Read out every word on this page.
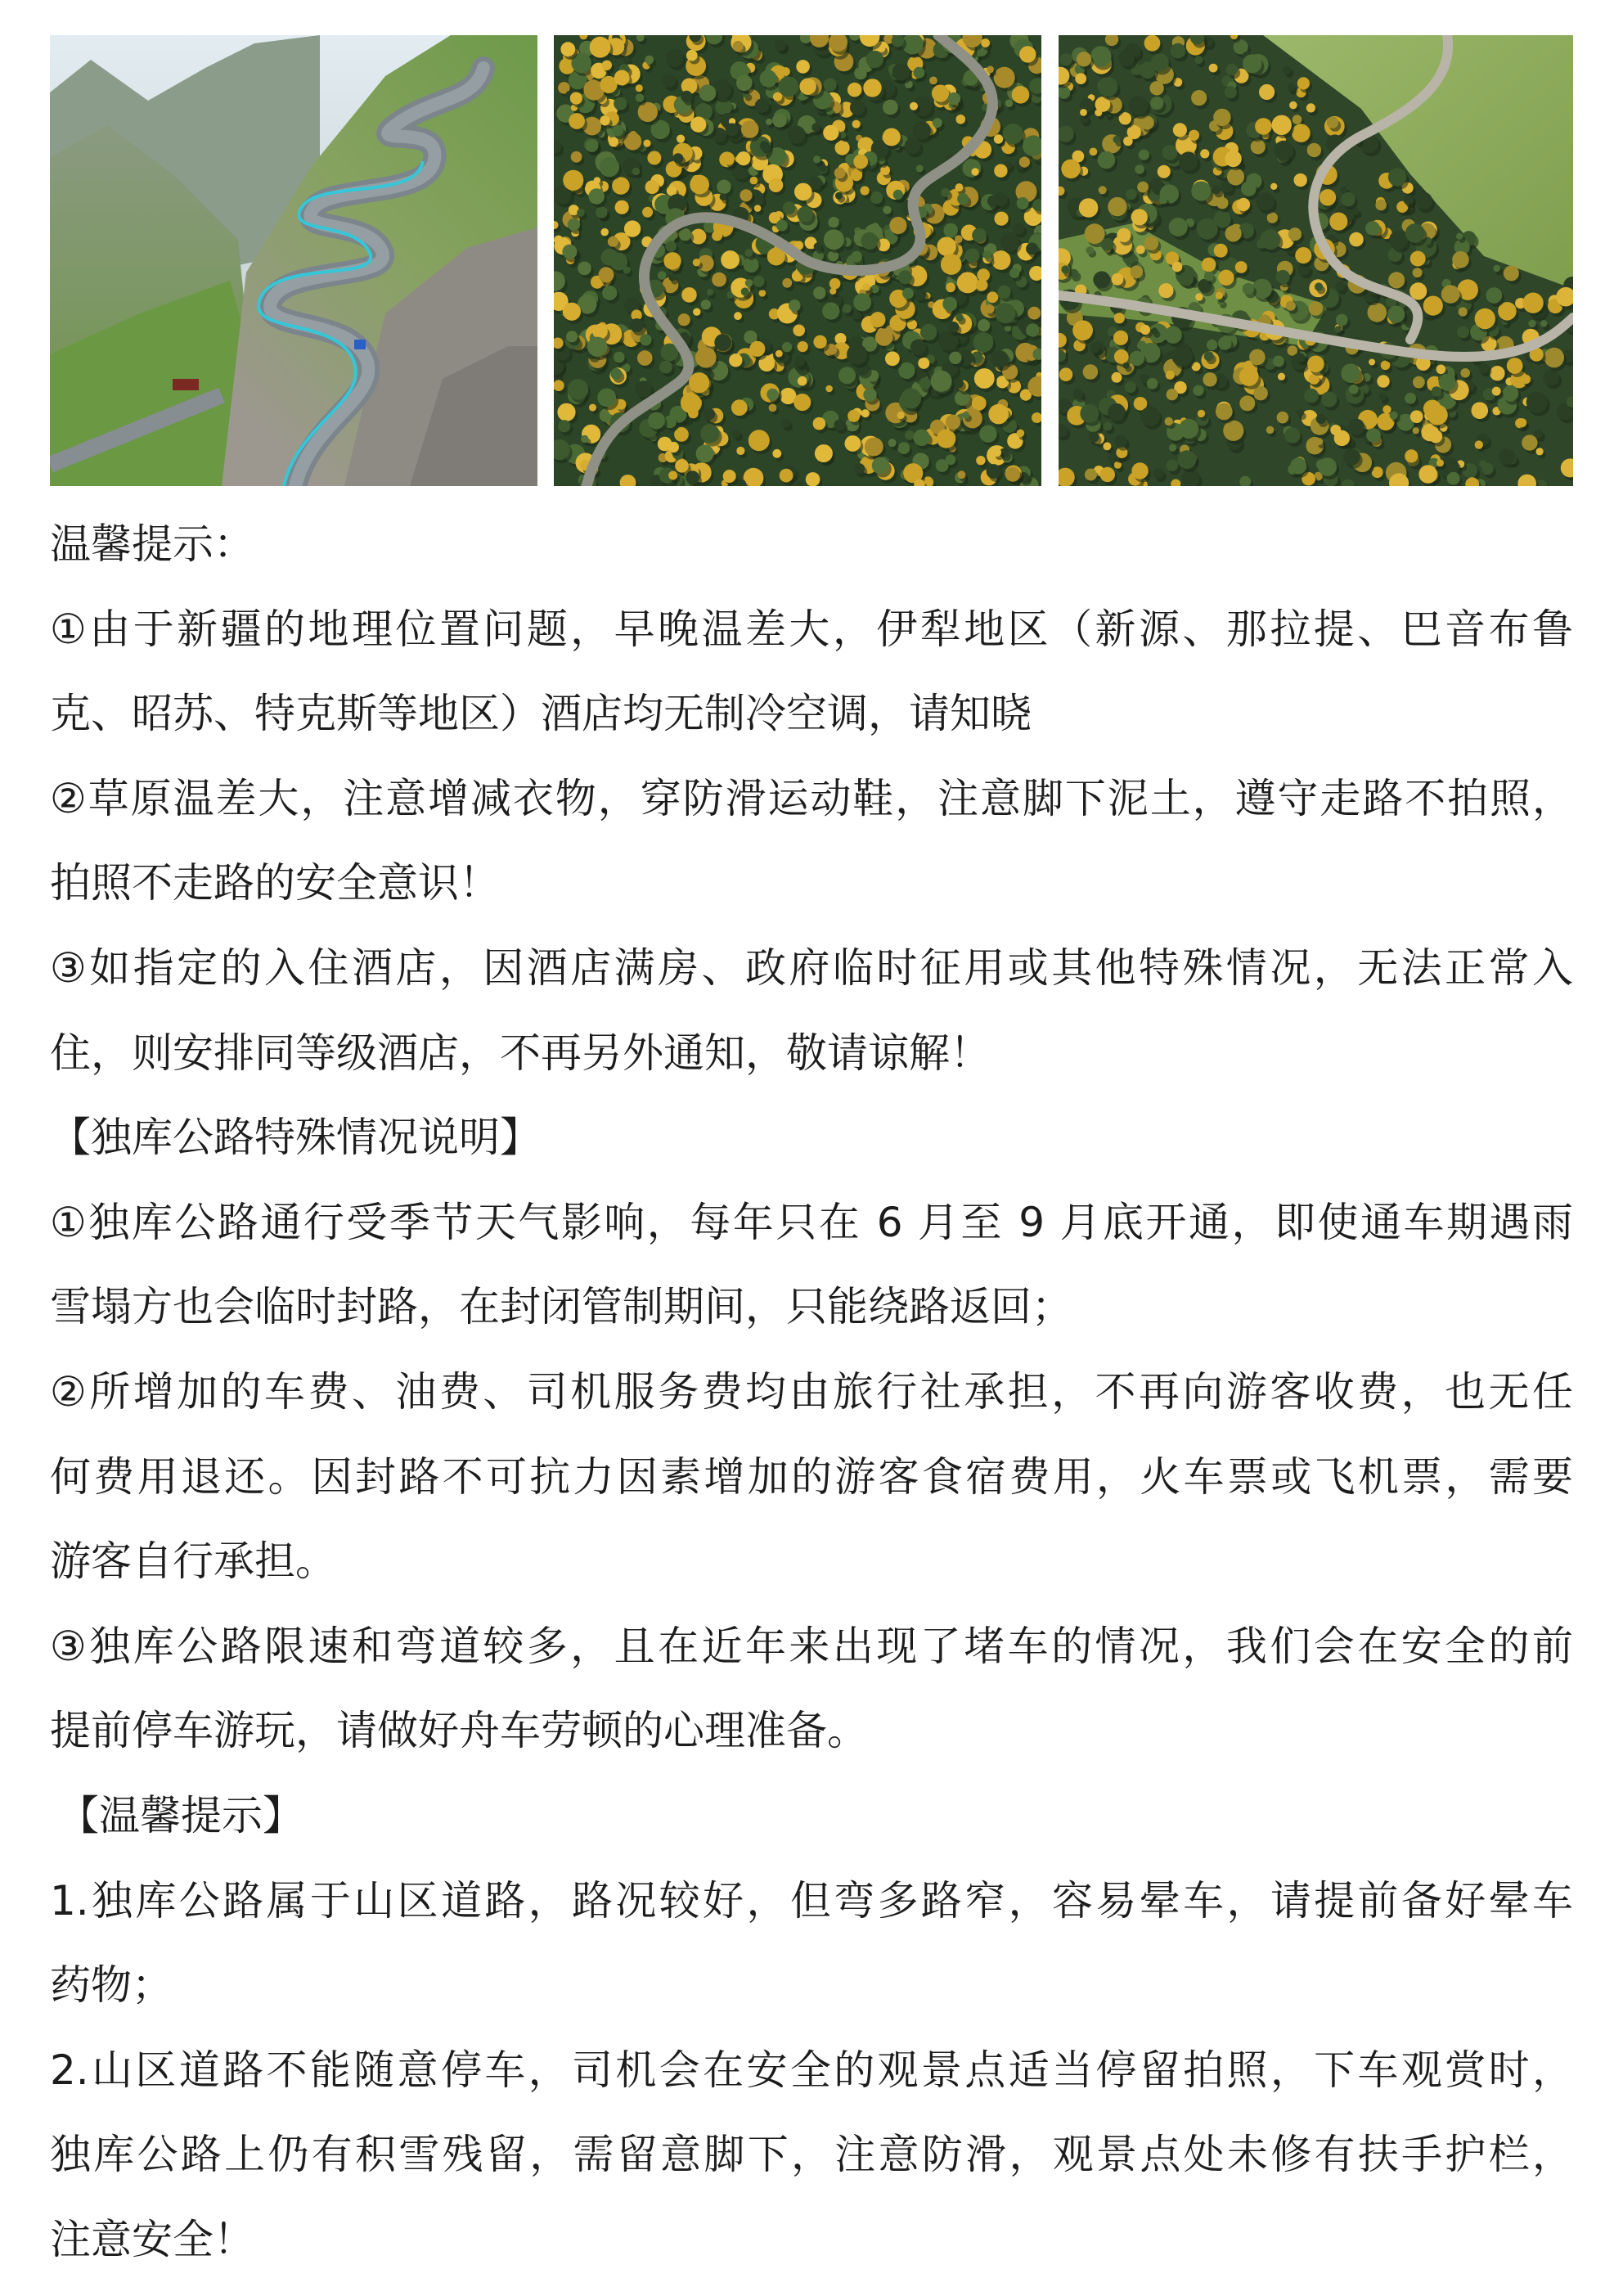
温馨提示：
①由于新疆的地理位置问题，早晚温差大，伊犁地区（新源、那拉提、巴音布鲁
克、昭苏、特克斯等地区）酒店均无制冷空调，请知晓
②草原温差大，注意增减衣物，穿防滑运动鞋，注意脚下泥土，遵守走路不拍照，
拍照不走路的安全意识！
③如指定的入住酒店，因酒店满房、政府临时征用或其他特殊情况，无法正常入
住，则安排同等级酒店，不再另外通知，敬请谅解！
【独库公路特殊情况说明】
①独库公路通行受季节天气影响，每年只在 6 月至 9 月底开通，即使通车期遇雨
雪塌方也会临时封路，在封闭管制期间，只能绕路返回；
②所增加的车费、油费、司机服务费均由旅行社承担，不再向游客收费，也无任
何费用退还。因封路不可抗力因素增加的游客食宿费用，火车票或飞机票，需要
游客自行承担。
③独库公路限速和弯道较多，且在近年来出现了堵车的情况，我们会在安全的前
提前停车游玩，请做好舟车劳顿的心理准备。
【温馨提示】
1.独库公路属于山区道路，路况较好，但弯多路窄，容易晕车，请提前备好晕车
药物；
2.山区道路不能随意停车，司机会在安全的观景点适当停留拍照，下车观赏时，
独库公路上仍有积雪残留，需留意脚下，注意防滑，观景点处未修有扶手护栏，
注意安全！
